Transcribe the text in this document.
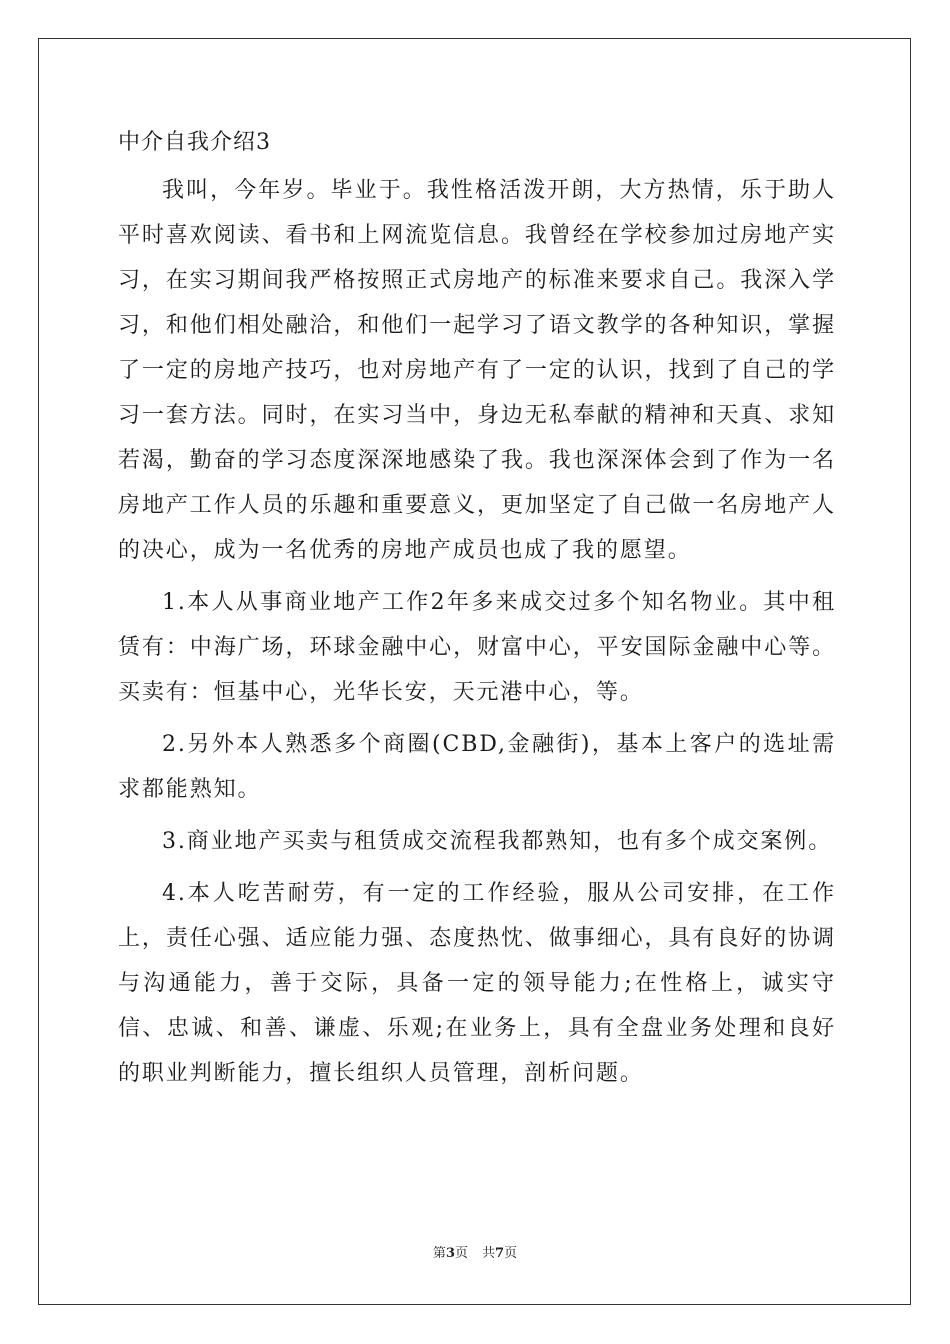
中介自我介绍3

我叫，今年岁。毕业于。我性格活泼开朗，大方热情，乐于助人平时喜欢阅读、看书和上网流览信息。我曾经在学校参加过房地产实习，在实习期间我严格按照正式房地产的标准来要求自己。我深入学习，和他们相处融洽，和他们一起学习了语文教学的各种知识，掌握了一定的房地产技巧，也对房地产有了一定的认识，找到了自己的学习一套方法。同时，在实习当中，身边无私奉献的精神和天真、求知若渴，勤奋的学习态度深深地感染了我。我也深深体会到了作为一名房地产工作人员的乐趣和重要意义，更加坚定了自己做一名房地产人的决心，成为一名优秀的房地产成员也成了我的愿望。

1.本人从事商业地产工作2年多来成交过多个知名物业。其中租赁有：中海广场，环球金融中心，财富中心，平安国际金融中心等。买卖有：恒基中心，光华长安，天元港中心，等。

2.另外本人熟悉多个商圈(CBD,金融街)，基本上客户的选址需求都能熟知。

3.商业地产买卖与租赁成交流程我都熟知，也有多个成交案例。

4.本人吃苦耐劳，有一定的工作经验，服从公司安排，在工作上，责任心强、适应能力强、态度热忱、做事细心，具有良好的协调与沟通能力，善于交际，具备一定的领导能力;在性格上，诚实守信、忠诚、和善、谦虚、乐观;在业务上，具有全盘业务处理和良好的职业判断能力，擅长组织人员管理，剖析问题。

第3页 共7页
